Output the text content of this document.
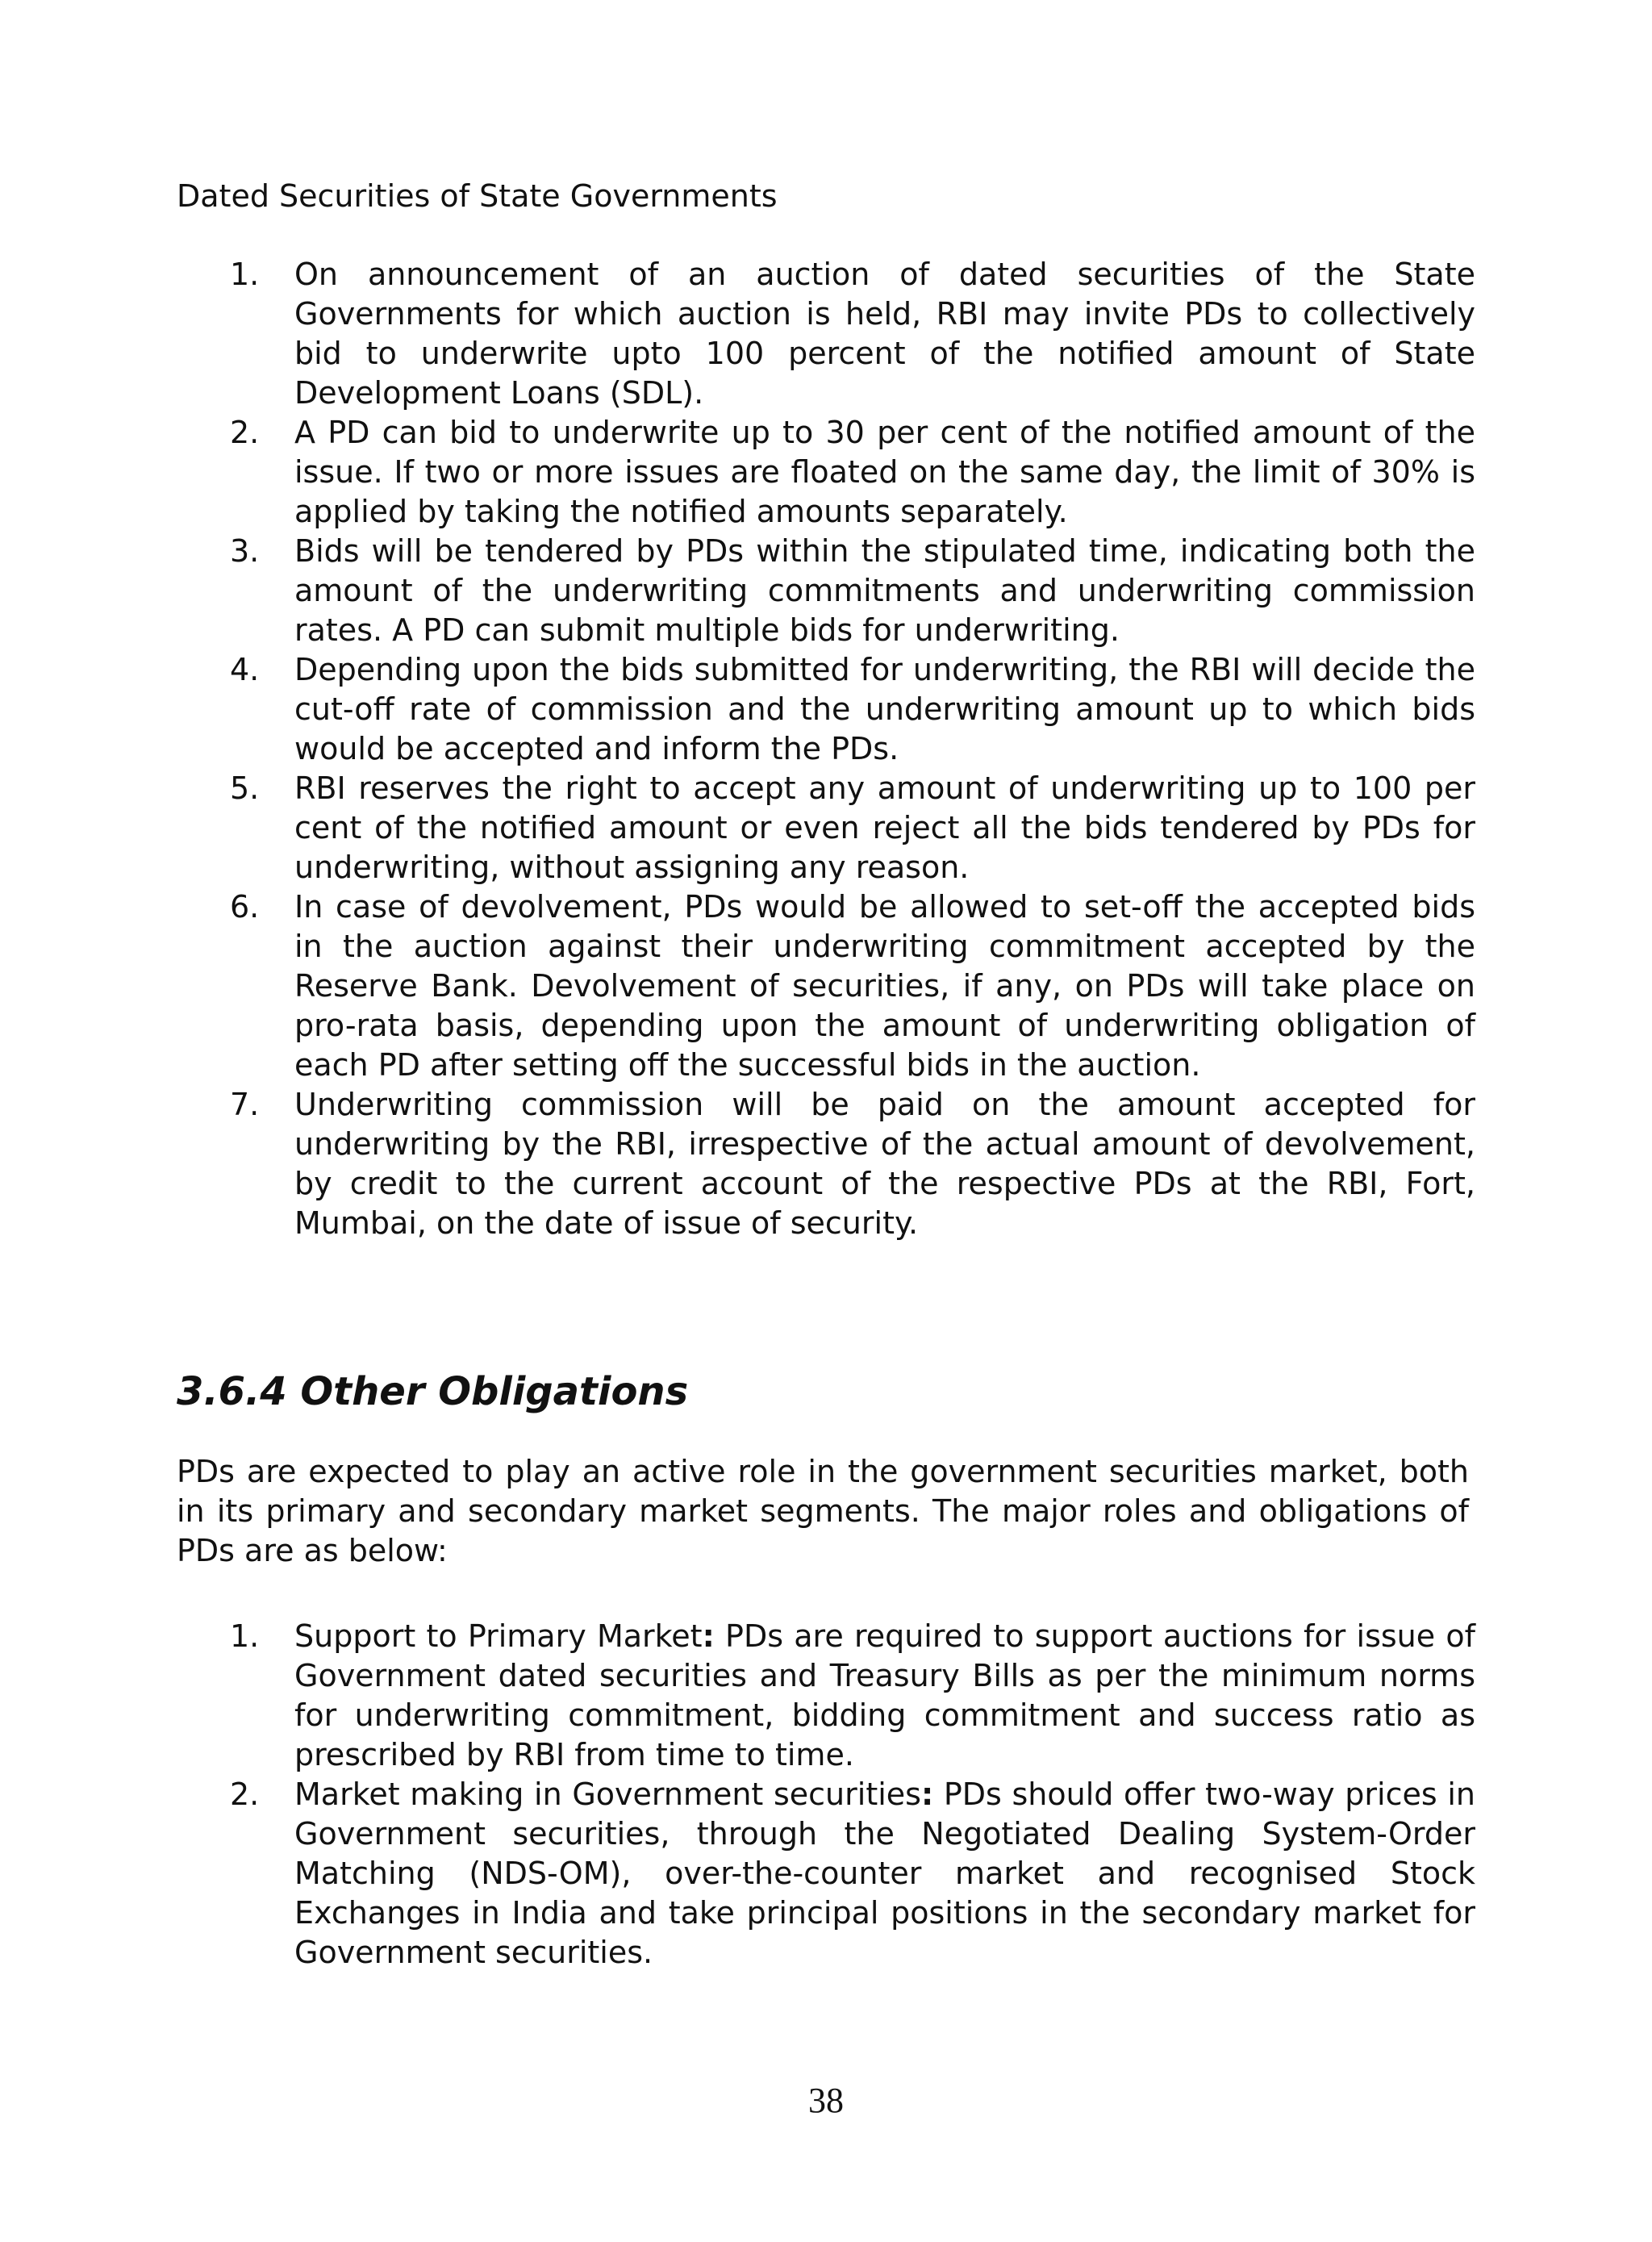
Dated Securities of State Governments
1.	On announcement of an auction of dated securities of the State Governments for which auction is held, RBI may invite PDs to collectively bid to underwrite upto 100 percent of the notified amount of State Development Loans (SDL).
2.	A PD can bid to underwrite up to 30 per cent of the notified amount of the issue. If two or more issues are floated on the same day, the limit of 30% is applied by taking the notified amounts separately.
3.	Bids will be tendered by PDs within the stipulated time, indicating both the amount of the underwriting commitments and underwriting commission rates. A PD can submit multiple bids for underwriting.
4.	Depending upon the bids submitted for underwriting, the RBI will decide the cut-off rate of commission and the underwriting amount up to which bids would be accepted and inform the PDs.
5.	RBI reserves the right to accept any amount of underwriting up to 100 per cent of the notified amount or even reject all the bids tendered by PDs for underwriting, without assigning any reason.
6.	In case of devolvement, PDs would be allowed to set-off the accepted bids in the auction against their underwriting commitment accepted by the Reserve Bank. Devolvement of securities, if any, on PDs will take place on pro-rata basis, depending upon the amount of underwriting obligation of each PD after setting off the successful bids in the auction.
7.	Underwriting commission will be paid on the amount accepted for underwriting by the RBI, irrespective of the actual amount of devolvement, by credit to the current account of the respective PDs at the RBI, Fort, Mumbai, on the date of issue of security.
3.6.4 Other Obligations

PDs are expected to play an active role in the government securities market, both in its primary and secondary market segments. The major roles and obligations of PDs are as below:

1.	Support to Primary Market: PDs are required to support auctions for issue of Government dated securities and Treasury Bills as per the minimum norms for underwriting commitment, bidding commitment and success ratio as prescribed by RBI from time to time.
2.	Market making in Government securities: PDs should offer two-way prices in Government securities, through the Negotiated Dealing System-Order Matching (NDS-OM), over-the-counter market and recognised Stock Exchanges in India and take principal positions in the secondary market for Government securities.
38
